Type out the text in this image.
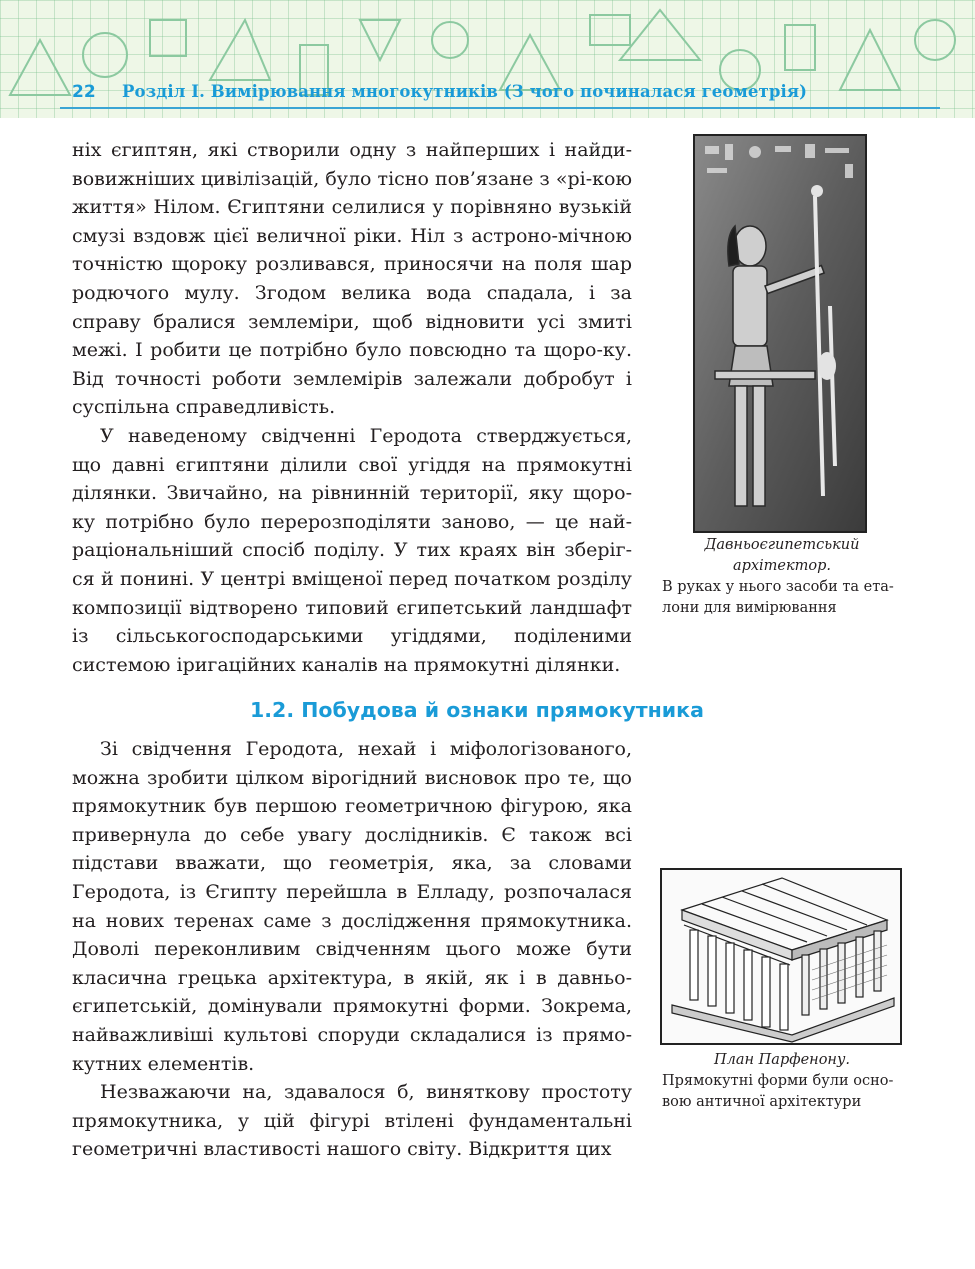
22 Розділ I. Вимірювання многокутників (З чого починалася геометрія)

ніх єгиптян, які створили одну з найперших і найди-вовижніших цивілізацій, було тісно пов’язане з «рі-кою життя» Нілом. Єгиптяни селилися у порівняно вузькій смузі вздовж цієї величної ріки. Ніл з астроно-мічною точністю щороку розливався, приносячи на поля шар родючого мулу. Згодом велика вода спадала, і за справу бралися землеміри, щоб відновити усі змиті межі. І робити це потрібно було повсюдно та щоро-ку. Від точності роботи землемірів залежали добробут і суспільна справедливість.

У наведеному свідченні Геродота стверджується, що давні єгиптяни ділили свої угіддя на прямокутні ділянки. Звичайно, на рівнинній території, яку щоро-ку потрібно було перерозподіляти заново, — це най-раціональніший спосіб поділу. У тих краях він зберіг-ся й понині. У центрі вміщеної перед початком розділу композиції відтворено типовий єгипетський ландшафт із сільськогосподарськими угіддями, поділеними системою іригаційних каналів на прямокутні ділянки.

Давньоєгипетський архітектор.
В руках у нього засоби та ета-лони для вимірювання
1.2. Побудова й ознаки прямокутника

Зі свідчення Геродота, нехай і міфологізованого, можна зробити цілком вірогідний висновок про те, що прямокутник був першою геометричною фігурою, яка привернула до себе увагу дослідників. Є також всі підстави вважати, що геометрія, яка, за словами Геродота, із Єгипту перейшла в Елладу, розпочалася на нових теренах саме з дослідження прямокутника. Доволі переконливим свідченням цього може бути класична грецька архітектура, в якій, як і в давньо-єгипетській, домінували прямокутні форми. Зокрема, найважливіші культові споруди складалися із прямо-кутних елементів.

Незважаючи на, здавалося б, виняткову простоту прямокутника, у цій фігурі втілені фундаментальні геометричні властивості нашого світу. Відкриття цих

План Парфенону.
Прямокутні форми були осно-вою античної архітектури
